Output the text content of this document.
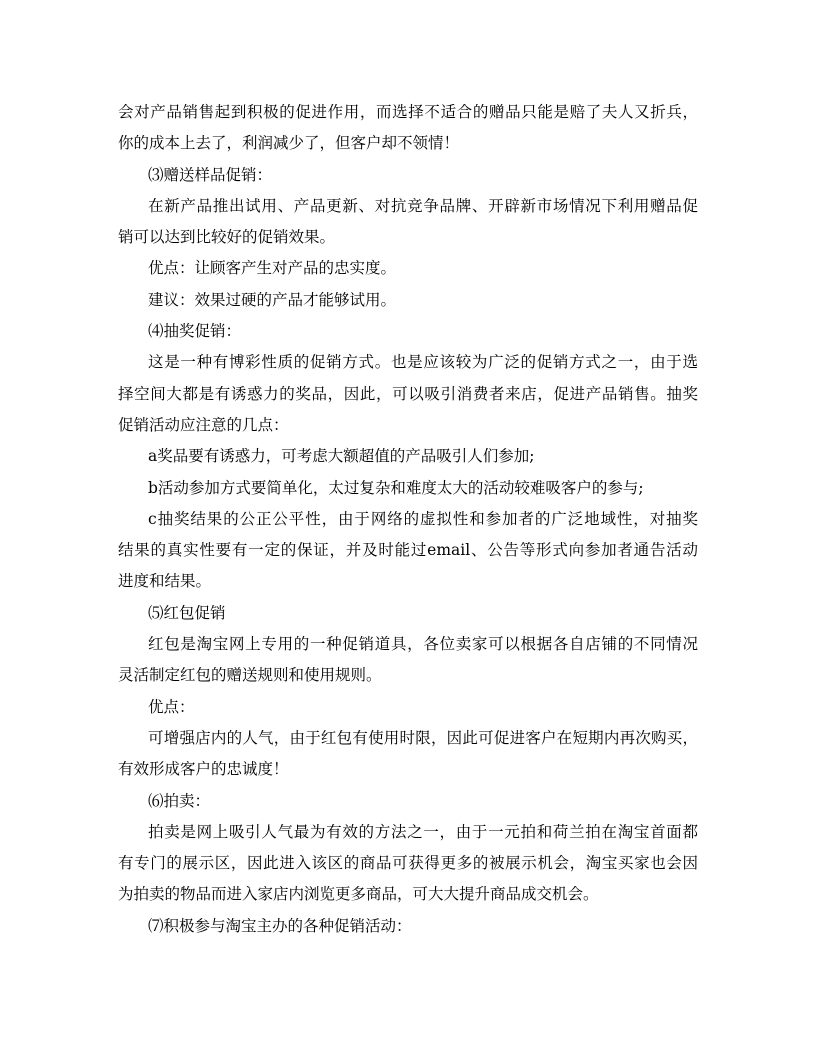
会对产品销售起到积极的促进作用，而选择不适合的赠品只能是赔了夫人又折兵，

你的成本上去了，利润减少了，但客户却不领情！

⑶赠送样品促销：

在新产品推出试用、产品更新、对抗竞争品牌、开辟新市场情况下利用赠品促

销可以达到比较好的促销效果。

优点：让顾客产生对产品的忠实度。

建议：效果过硬的产品才能够试用。

⑷抽奖促销：

这是一种有博彩性质的促销方式。也是应该较为广泛的促销方式之一，由于选

择空间大都是有诱惑力的奖品，因此，可以吸引消费者来店，促进产品销售。抽奖

促销活动应注意的几点：

a奖品要有诱惑力，可考虑大额超值的产品吸引人们参加;

b活动参加方式要简单化，太过复杂和难度太大的活动较难吸客户的参与;

c抽奖结果的公正公平性，由于网络的虚拟性和参加者的广泛地域性，对抽奖

结果的真实性要有一定的保证，并及时能过email、公告等形式向参加者通告活动

进度和结果。

⑸红包促销

红包是淘宝网上专用的一种促销道具，各位卖家可以根据各自店铺的不同情况

灵活制定红包的赠送规则和使用规则。

优点：

可增强店内的人气，由于红包有使用时限，因此可促进客户在短期内再次购买，

有效形成客户的忠诚度！

⑹拍卖：

拍卖是网上吸引人气最为有效的方法之一，由于一元拍和荷兰拍在淘宝首面都

有专门的展示区，因此进入该区的商品可获得更多的被展示机会，淘宝买家也会因

为拍卖的物品而进入家店内浏览更多商品，可大大提升商品成交机会。

⑺积极参与淘宝主办的各种促销活动：
